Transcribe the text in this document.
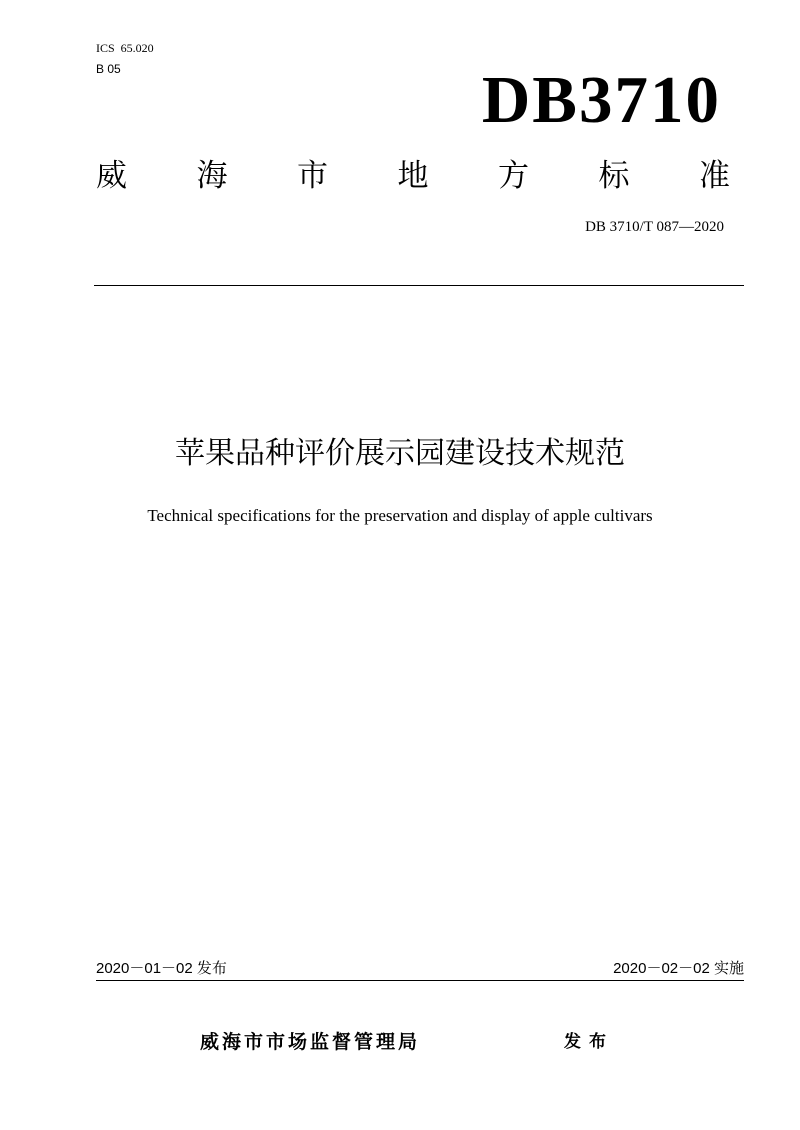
ICS  65.020
B 05	DB3710
威 海 市 地 方 标 准
DB 3710/T 087—2020
苹果品种评价展示园建设技术规范
Technical specifications for the preservation and display of apple cultivars
2020－01－02 发布	2020－02－02 实施
威海市市场监督管理局	发布
